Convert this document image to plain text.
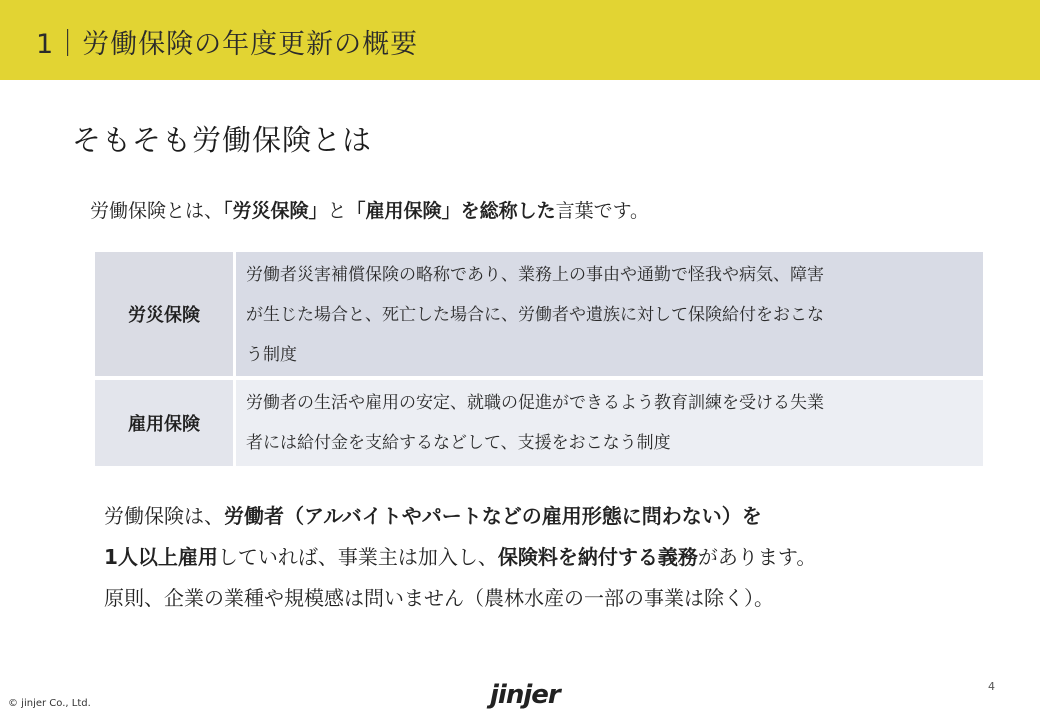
1｜労働保険の年度更新の概要
そもそも労働保険とは
労働保険とは、「労災保険」と「雇用保険」を総称した言葉です。
労災保険
労働者災害補償保険の略称であり、業務上の事由や通勤で怪我や病気、障害
が生じた場合と、死亡した場合に、労働者や遺族に対して保険給付をおこな
う制度
雇用保険
労働者の生活や雇用の安定、就職の促進ができるよう教育訓練を受ける失業
者には給付金を支給するなどして、支援をおこなう制度
労働保険は、労働者（アルバイトやパートなどの雇用形態に問わない）を
1人以上雇用していれば、事業主は加入し、保険料を納付する義務があります。
原則、企業の業種や規模感は問いません（農林水産の一部の事業は除く）。
4
jinjer
© jinjer Co., Ltd.
